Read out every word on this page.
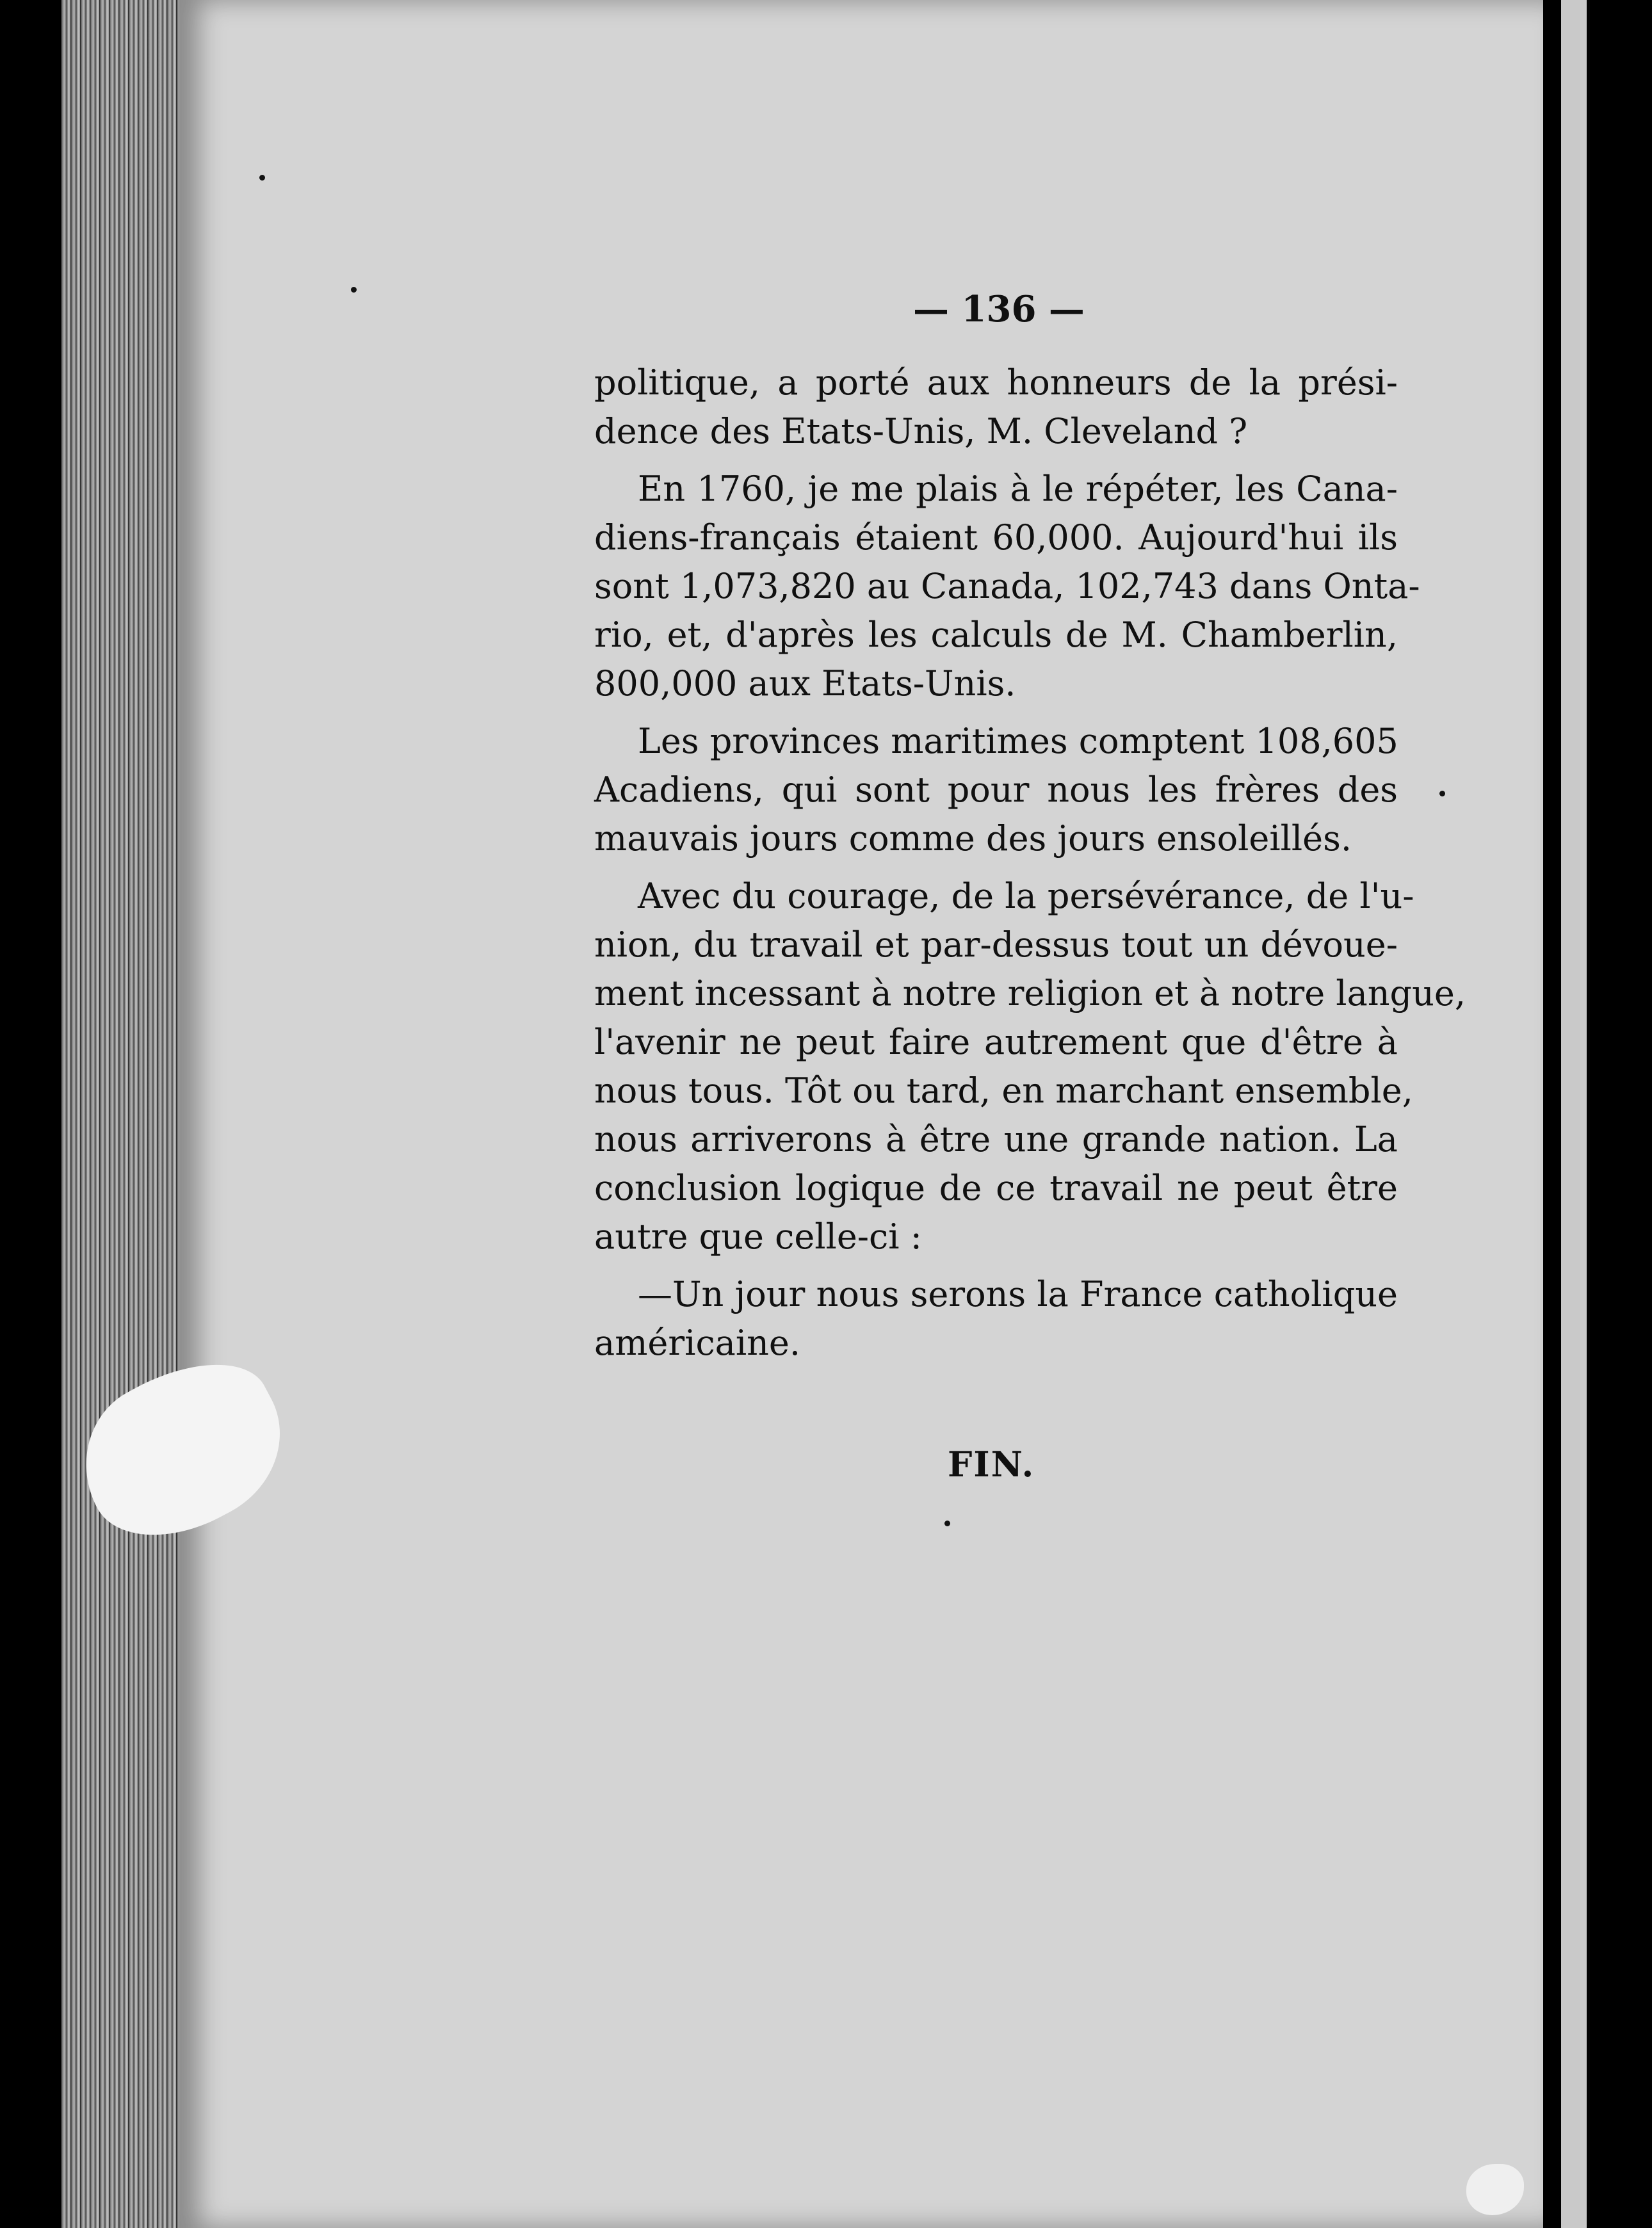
— 136 —
politique, a porté aux honneurs de la prési-
dence des Etats-Unis, M. Cleveland ?
En 1760, je me plais à le répéter, les Cana-
diens-français étaient 60,000. Aujourd'hui ils
sont 1,073,820 au Canada, 102,743 dans Onta-
rio, et, d'après les calculs de M. Chamberlin,
800,000 aux Etats-Unis.
Les provinces maritimes comptent 108,605
Acadiens, qui sont pour nous les frères des
mauvais jours comme des jours ensoleillés.
Avec du courage, de la persévérance, de l'u-
nion, du travail et par-dessus tout un dévoue-
ment incessant à notre religion et à notre langue,
l'avenir ne peut faire autrement que d'être à
nous tous. Tôt ou tard, en marchant ensemble,
nous arriverons à être une grande nation. La
conclusion logique de ce travail ne peut être
autre que celle-ci :
—Un jour nous serons la France catholique
américaine.
FIN.
